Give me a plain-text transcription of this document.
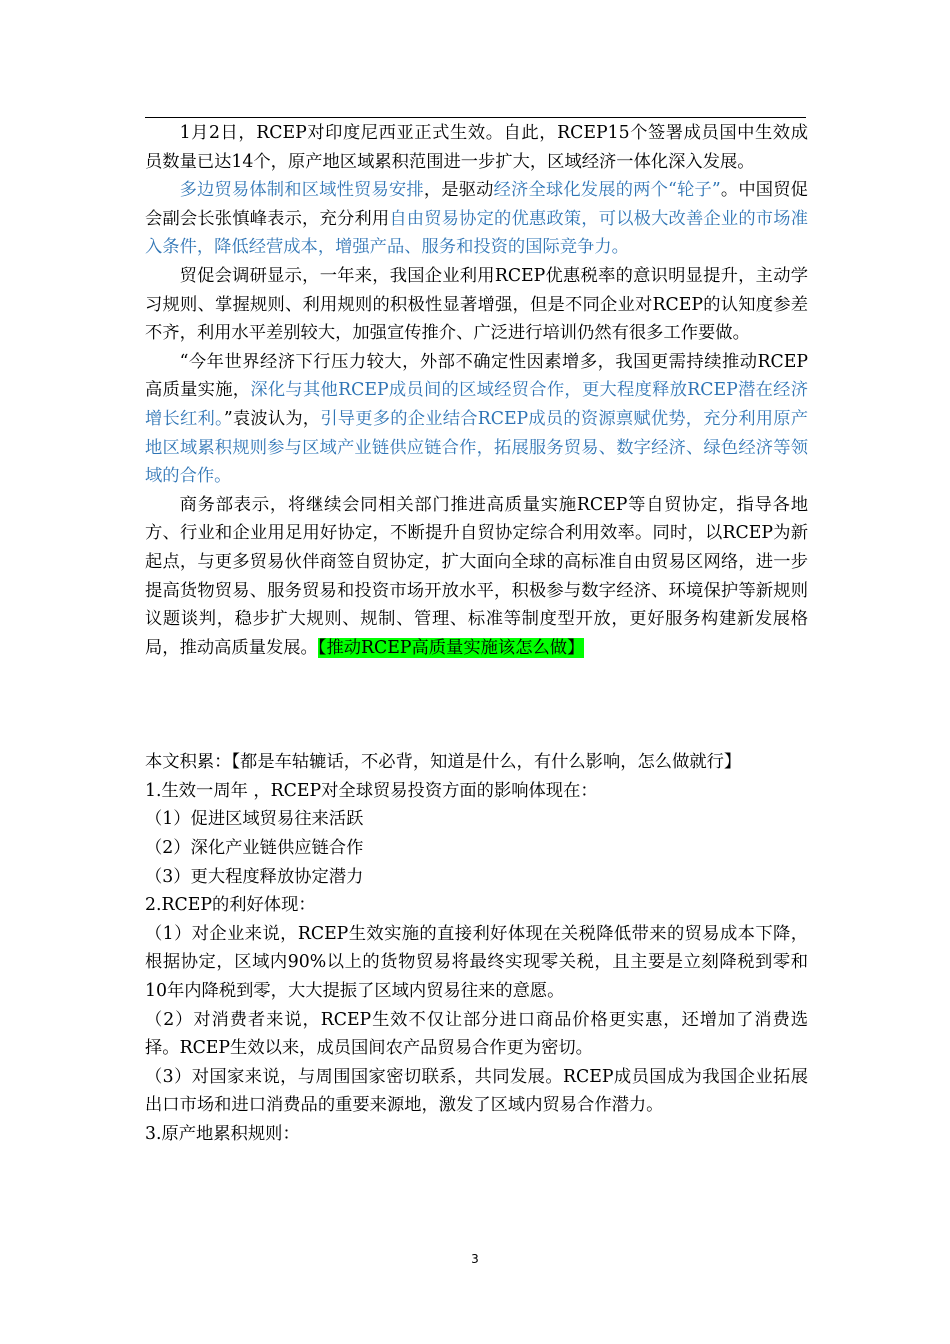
1月2日，RCEP对印度尼西亚正式生效。自此，RCEP15个签署成员国中生效成员数量已达14个，原产地区域累积范围进一步扩大，区域经济一体化深入发展。

多边贸易体制和区域性贸易安排，是驱动经济全球化发展的两个“轮子”。中国贸促会副会长张慎峰表示，充分利用自由贸易协定的优惠政策，可以极大改善企业的市场准入条件，降低经营成本，增强产品、服务和投资的国际竞争力。

贸促会调研显示，一年来，我国企业利用RCEP优惠税率的意识明显提升，主动学习规则、掌握规则、利用规则的积极性显著增强，但是不同企业对RCEP的认知度参差不齐，利用水平差别较大，加强宣传推介、广泛进行培训仍然有很多工作要做。

“今年世界经济下行压力较大，外部不确定性因素增多，我国更需持续推动RCEP高质量实施，深化与其他RCEP成员间的区域经贸合作，更大程度释放RCEP潜在经济增长红利。”袁波认为，引导更多的企业结合RCEP成员的资源禀赋优势，充分利用原产地区域累积规则参与区域产业链供应链合作，拓展服务贸易、数字经济、绿色经济等领域的合作。

商务部表示，将继续会同相关部门推进高质量实施RCEP等自贸协定，指导各地方、行业和企业用足用好协定，不断提升自贸协定综合利用效率。同时，以RCEP为新起点，与更多贸易伙伴商签自贸协定，扩大面向全球的高标准自由贸易区网络，进一步提高货物贸易、服务贸易和投资市场开放水平，积极参与数字经济、环境保护等新规则议题谈判，稳步扩大规则、规制、管理、标准等制度型开放，更好服务构建新发展格局，推动高质量发展。【推动RCEP高质量实施该怎么做】

本文积累：【都是车轱辘话，不必背，知道是什么，有什么影响，怎么做就行】

1.生效一周年 ，RCEP对全球贸易投资方面的影响体现在：

（1）促进区域贸易往来活跃

（2）深化产业链供应链合作

（3）更大程度释放协定潜力

2.RCEP的利好体现：

（1）对企业来说，RCEP生效实施的直接利好体现在关税降低带来的贸易成本下降，根据协定，区域内90%以上的货物贸易将最终实现零关税，且主要是立刻降税到零和10年内降税到零，大大提振了区域内贸易往来的意愿。

（2）对消费者来说，RCEP生效不仅让部分进口商品价格更实惠，还增加了消费选择。RCEP生效以来，成员国间农产品贸易合作更为密切。

（3）对国家来说，与周围国家密切联系，共同发展。RCEP成员国成为我国企业拓展出口市场和进口消费品的重要来源地，激发了区域内贸易合作潜力。

3.原产地累积规则：

3
